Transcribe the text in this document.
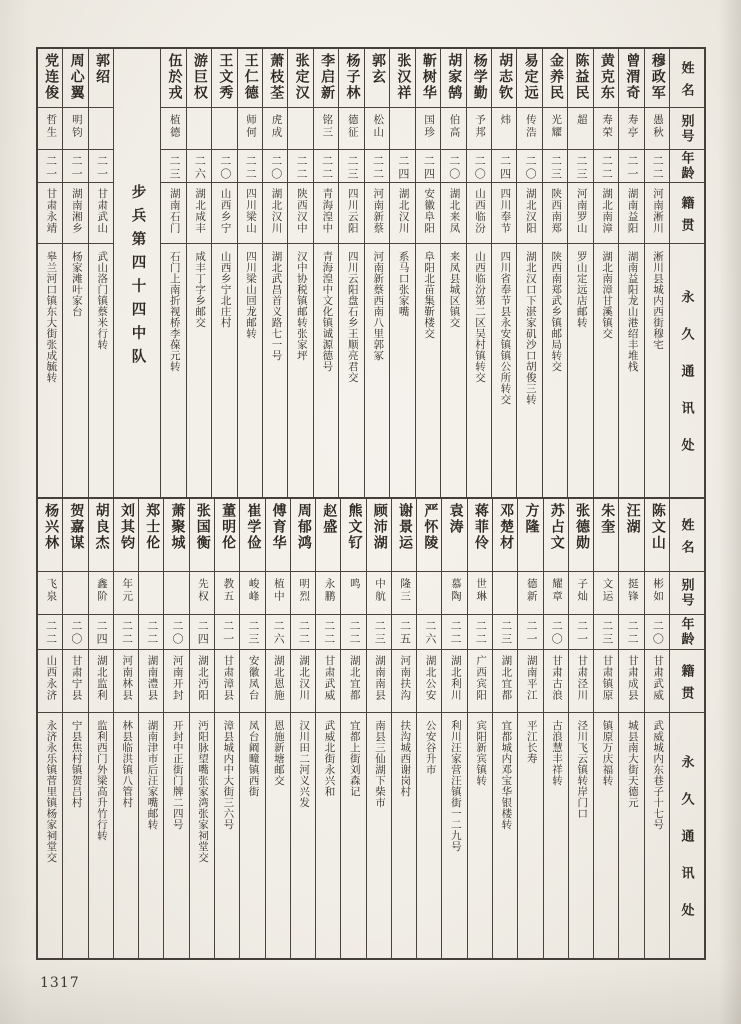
姓名
别号
年龄
籍贯
永久通讯处
穆政军
愚秋
二二
河南淅川
淅川县城内西街穆宅
曾渭奇
寿亭
二一
湖南益阳
湖南益阳龙山港绍丰堆栈
黄克东
寿荣
二二
湖北南漳
湖北南漳甘溪镇交
陈益民
超
二三
河南罗山
罗山定远店邮转
金养民
光耀
二三
陕西南郑
陕西南郑武乡镇邮局转交
易定远
传浩
二〇
湖北汉阳
湖北汉口下湛家矶沙口胡俊三转
胡志钦
炜
二四
四川奉节
四川省奉节县永安镇镇公所转交
杨学勤
予邦
二〇
山西临汾
山西临汾第二区吴村镇转交
胡家鹄
伯高
二〇
湖北来凤
来凤县城区镇交
靳树华
国珍
二四
安徽阜阳
阜阳北苗集靳楼交
张汉祥
二四
湖北汉川
系马口张家嘴
郭玄
松山
二二
河南新蔡
河南新蔡西南八里郭冢
杨子林
德征
二三
四川云阳
四川云阳盘石乡王顺亮君交
李启新
铭三
二二
青海湟中
青海湟中文化镇诚源德号
张定汉
二二
陕西汉中
汉中协税镇邮转张家坪
萧枝荃
虎成
二〇
湖北汉川
湖北武昌首义路七一号
王仁德
师何
二二
四川梁山
四川梁山回龙邮转
王文秀
二〇
山西乡宁
山西乡宁北庄村
游巨权
二六
湖北咸丰
咸丰丁字乡邮交
伍於戎
植德
二三
湖南石门
石门上南折视桥李葆元转
步兵第四十四中队
郭绍
二一
甘肃武山
武山洛门镇蔡米行转
周心翼
明钧
二一
湖南湘乡
杨家滩叶家台
党连俊
哲生
二一
甘肃永靖
皋兰河口镇东大街张成毓转
姓名
别号
年龄
籍贯
永久通讯处
陈文山
彬如
二〇
甘肃武威
武威城内东巷子十七号
汪湖
挺锋
二二
甘肃成县
城县南大街天德元
朱奎
文运
二三
甘肃镇原
镇原万庆福转
张德勋
子灿
二一
甘肃泾川
泾川飞云镇转岸门口
苏占文
耀章
二〇
甘肃古浪
古浪慧丰祥转
方隆
德新
二一
湖南平江
平江长寿
邓楚材
二三
湖北宜都
宜都城内邓宝华银楼转
蒋菲伶
世琳
二二
广西宾阳
宾阳新宾镇转
袁涛
慕陶
二二
湖北利川
利川汪家营汪镇街一二九号
严怀陵
二六
湖北公安
公安谷升市
谢景运
隆三
二五
河南扶沟
扶沟城西谢岗村
顾沛湖
中航
二三
湖南南县
南县三仙湖下柴市
熊文钌
鸣
二二
湖北宜都
宜都上街刘森记
赵盛
永鹏
二二
甘肃武威
武威北街永兴和
周郁鸿
明烈
二二
湖北汉川
汉川田二河义兴发
傅育华
植中
二六
湖北恩施
恩施新塘邮交
崔学俭
峻峰
二三
安徽凤台
凤台阚疃镇西街
董明伦
教五
二一
甘肃漳县
漳县城内中大街三六号
张国衡
先权
二四
湖北沔阳
沔阳脉望嘴张家湾张家祠堂交
萧聚城
二〇
河南开封
开封中正街门牌二四号
郑士伦
二二
湖南澧县
湖南津市后汪家嘴邮转
刘其钧
年元
二二
河南林县
林县临洪镇八管村
胡良杰
鑫阶
二四
湖北监利
监利西门外梁高升竹行转
贺嘉谋
二〇
甘肃宁县
宁县焦村镇贺吕村
杨兴林
飞泉
二二
山西永济
永济永乐镇菅里镇杨家祠堂交
1317
